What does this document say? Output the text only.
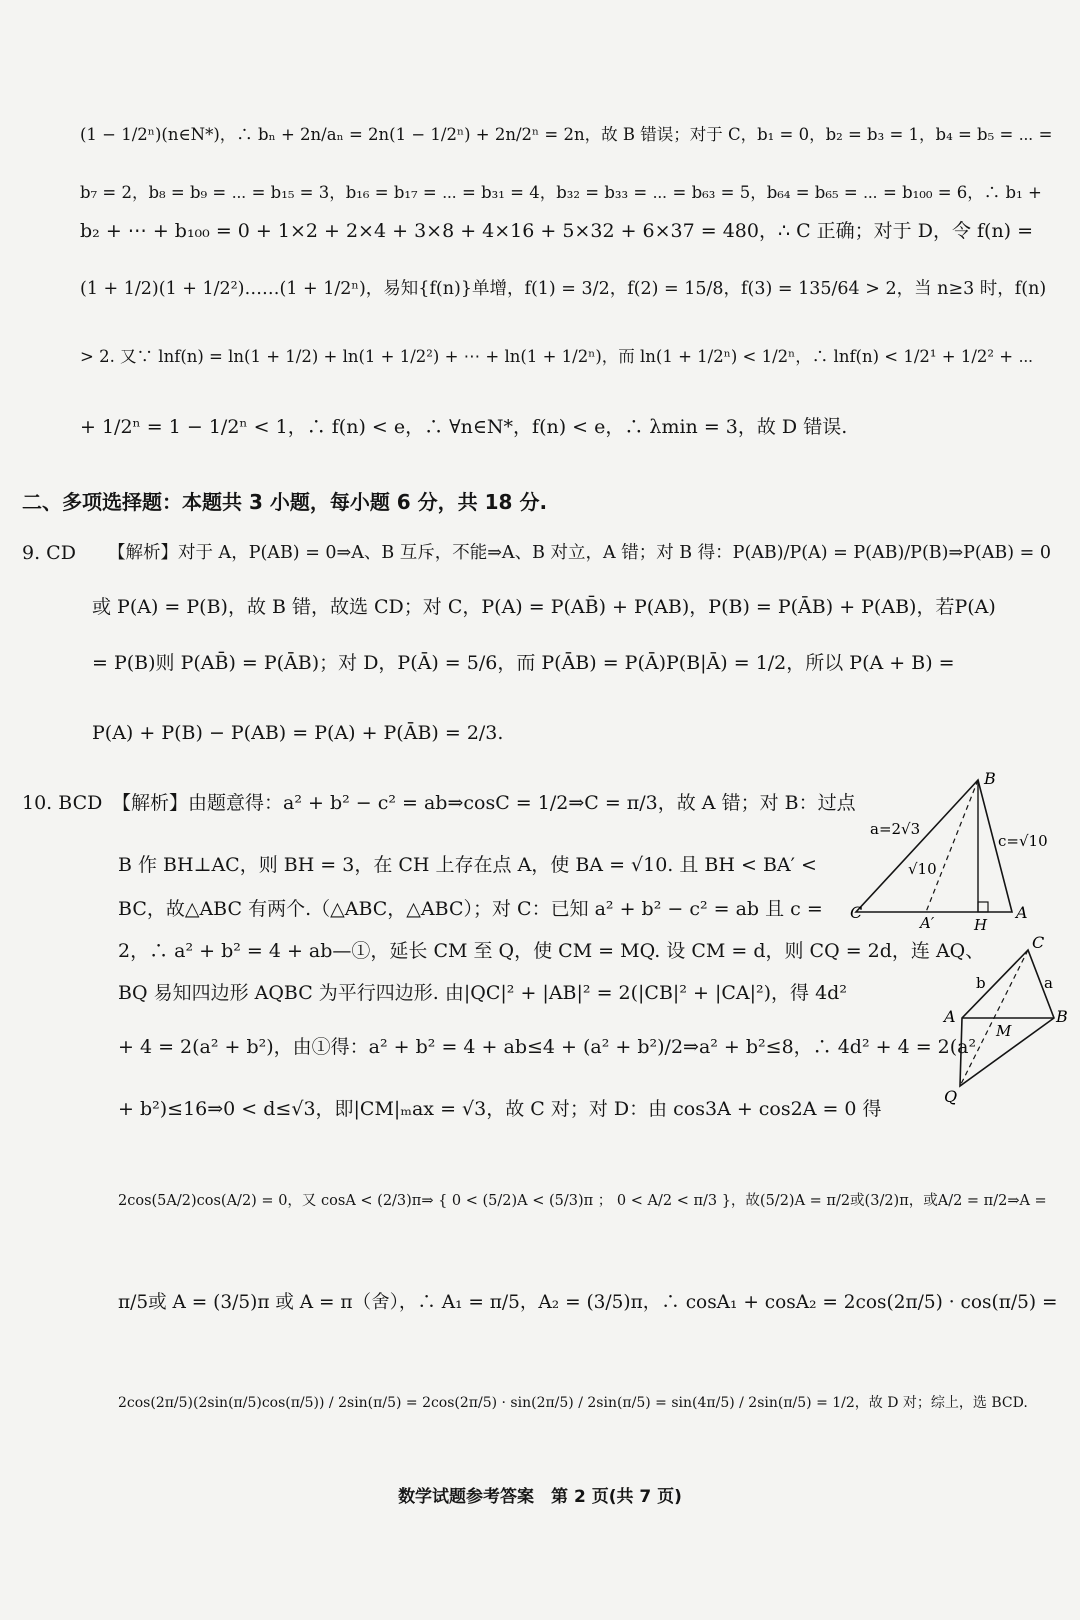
(1 − 1/2ⁿ)(n∈N*)，∴ bₙ + 2n/aₙ = 2n(1 − 1/2ⁿ) + 2n/2ⁿ = 2n，故 B 错误；对于 C，b₁ = 0，b₂ = b₃ = 1，b₄ = b₅ = ⋯ =
b₇ = 2，b₈ = b₉ = ⋯ = b₁₅ = 3，b₁₆ = b₁₇ = ⋯ = b₃₁ = 4，b₃₂ = b₃₃ = ⋯ = b₆₃ = 5，b₆₄ = b₆₅ = ⋯ = b₁₀₀ = 6，∴ b₁ +
b₂ + ⋯ + b₁₀₀ = 0 + 1×2 + 2×4 + 3×8 + 4×16 + 5×32 + 6×37 = 480，∴ C 正确；对于 D，令 f(n) =
(1 + 1/2)(1 + 1/2²)……(1 + 1/2ⁿ)，易知{f(n)}单增，f(1) = 3/2，f(2) = 15/8，f(3) = 135/64 > 2，当 n≥3 时，f(n)
> 2. 又∵ lnf(n) = ln(1 + 1/2) + ln(1 + 1/2²) + ⋯ + ln(1 + 1/2ⁿ)，而 ln(1 + 1/2ⁿ) < 1/2ⁿ，∴ lnf(n) < 1/2¹ + 1/2² + ⋯
+ 1/2ⁿ = 1 − 1/2ⁿ < 1，∴ f(n) < e，∴ ∀n∈N*，f(n) < e，∴ λmin = 3，故 D 错误.
二、多项选择题：本题共 3 小题，每小题 6 分，共 18 分.
9. CD 【解析】对于 A，P(AB) = 0⇒A、B 互斥，不能⇒A、B 对立，A 错；对 B 得：P(AB)/P(A) = P(AB)/P(B)⇒P(AB) = 0
或 P(A) = P(B)，故 B 错，故选 CD；对 C，P(A) = P(AB̄) + P(AB)，P(B) = P(ĀB) + P(AB)，若P(A)
= P(B)则 P(AB̄) = P(ĀB)；对 D，P(Ā) = 5/6，而 P(ĀB) = P(Ā)P(B|Ā) = 1/2，所以 P(A + B) =
P(A) + P(B) − P(AB) = P(A) + P(ĀB) = 2/3.
10. BCD 【解析】由题意得：a² + b² − c² = ab⇒cosC = 1/2⇒C = π/3，故 A 错；对 B：过点
B 作 BH⊥AC，则 BH = 3，在 CH 上存在点 A，使 BA = √10. 且 BH < BA′ <
BC，故△ABC 有两个.（△ABC，△ABC）；对 C：已知 a² + b² − c² = ab 且 c =
2，∴ a² + b² = 4 + ab—①，延长 CM 至 Q，使 CM = MQ. 设 CM = d，则 CQ = 2d，连 AQ、
BQ 易知四边形 AQBC 为平行四边形. 由|QC|² + |AB|² = 2(|CB|² + |CA|²)，得 4d²
+ 4 = 2(a² + b²)，由①得：a² + b² = 4 + ab≤4 + (a² + b²)/2⇒a² + b²≤8，∴ 4d² + 4 = 2(a²
+ b²)≤16⇒0 < d≤√3，即|CM|ₘax = √3，故 C 对；对 D：由 cos3A + cos2A = 0 得
2cos(5A/2)cos(A/2) = 0，又 cosA < (2/3)π⇒ { 0 < (5/2)A < (5/3)π ； 0 < A/2 < π/3 }，故(5/2)A = π/2或(3/2)π，或A/2 = π/2⇒A =
π/5或 A = (3/5)π 或 A = π（舍），∴ A₁ = π/5，A₂ = (3/5)π，∴ cosA₁ + cosA₂ = 2cos(2π/5) · cos(π/5) =
2cos(2π/5)(2sin(π/5)cos(π/5)) / 2sin(π/5) = 2cos(2π/5) · sin(2π/5) / 2sin(π/5) = sin(4π/5) / 2sin(π/5) = 1/2，故 D 对；综上，选 BCD.
B
a=2√3
c=√10
√10
C
A′	H
A
C
b	a
A
M
B
Q
数学试题参考答案　第 2 页(共 7 页)
